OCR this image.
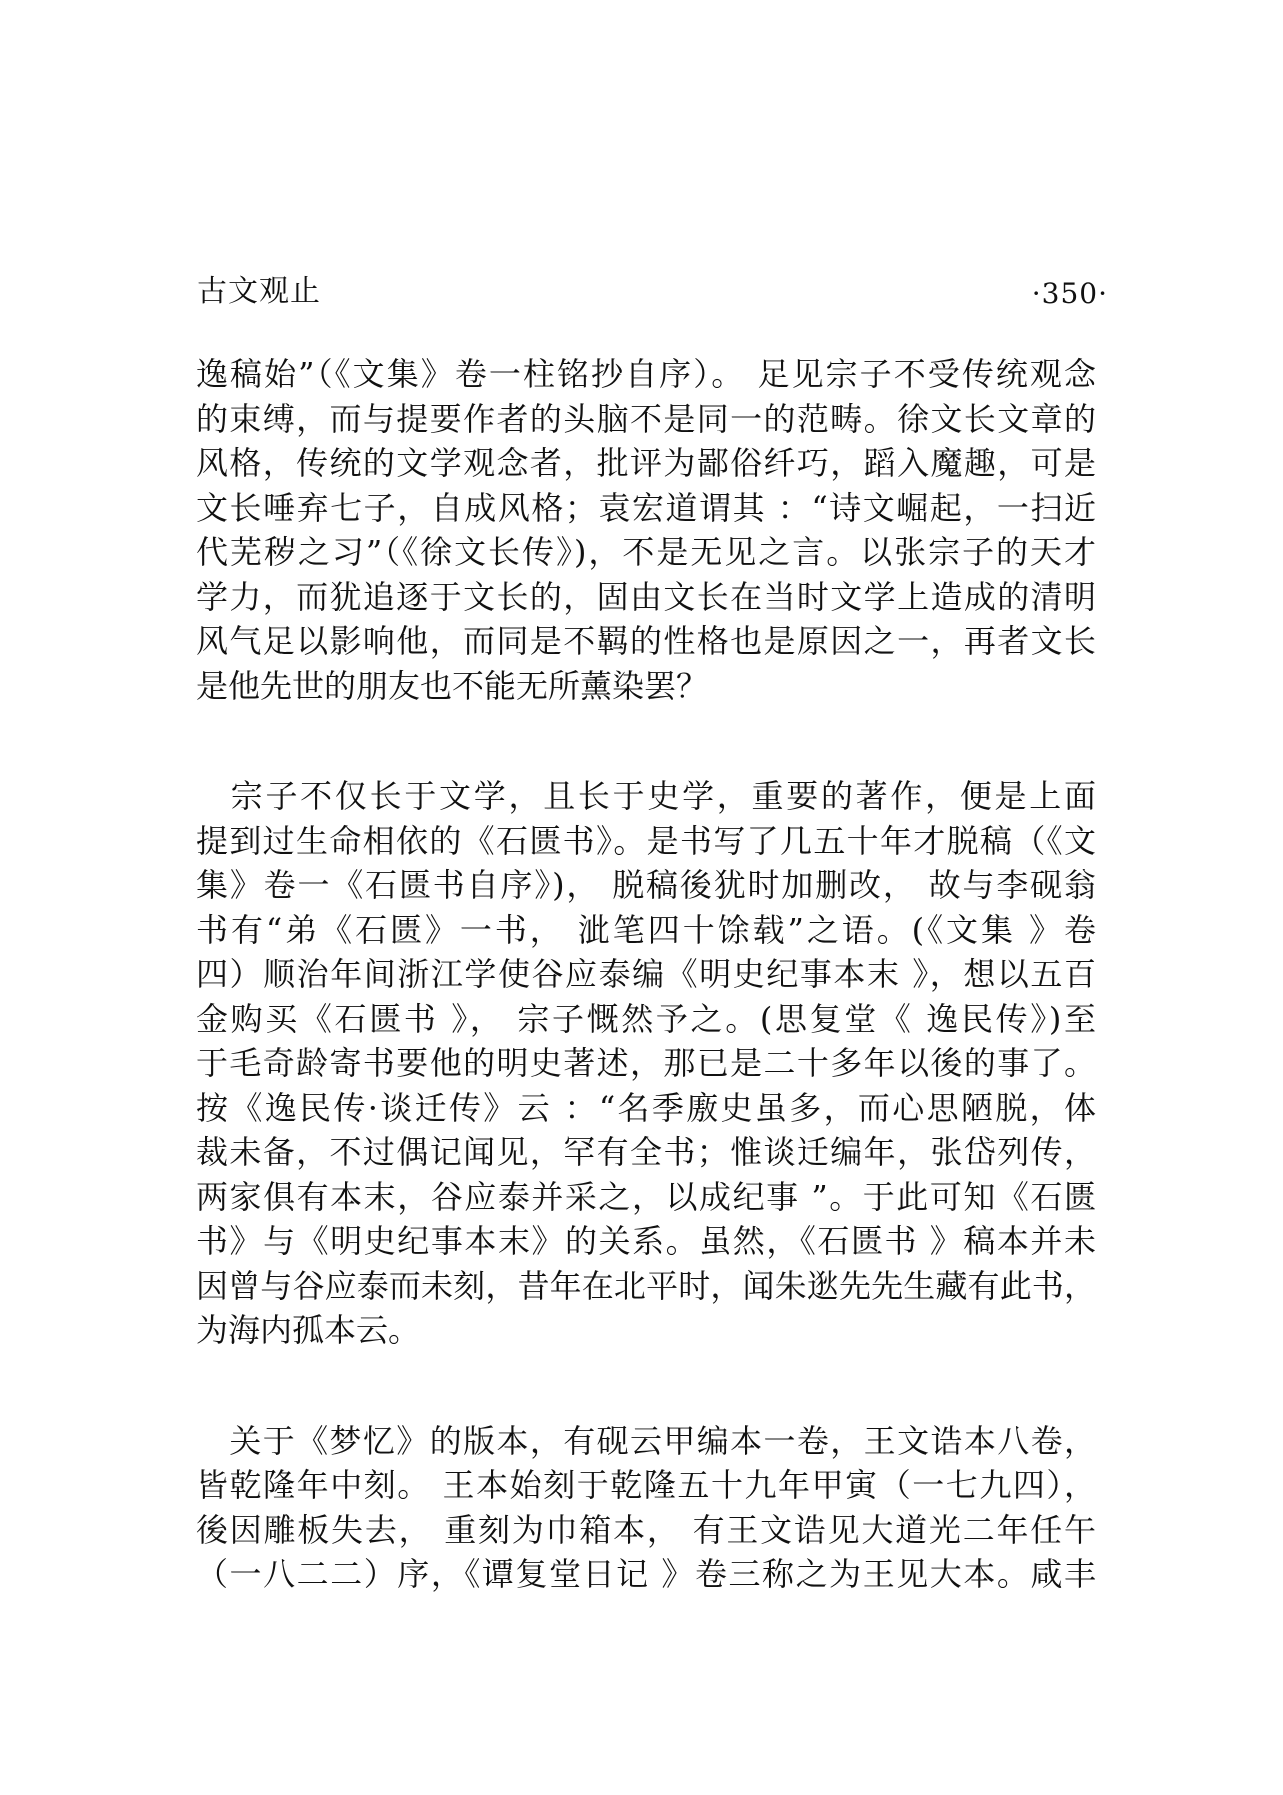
古文观止	·350·

逸稿始”（《文集》卷一柱铭抄自序）。 足见宗子不受传统观念
的束缚，而与提要作者的头脑不是同一的范畴。徐文长文章的
风格，传统的文学观念者，批评为鄙俗纤巧，蹈入魔趣，可是
文长唾弃七子，自成风格；袁宏道谓其 ：“诗文崛起，一扫近
代芜秽之习”（《徐文长传》)，不是无见之言。以张宗子的天才
学力，而犹追逐于文长的，固由文长在当时文学上造成的清明
风气足以影响他，而同是不羁的性格也是原因之一，再者文长
是他先世的朋友也不能无所薰染罢？

　宗子不仅长于文学，且长于史学，重要的著作，便是上面
提到过生命相依的《石匮书》。是书写了几五十年才脱稿（《文
集》卷一《石匮书自序》)， 脱稿後犹时加删改， 故与李砚翁
书有“弟《石匮》一书， 泚笔四十馀载”之语。(《文集 》卷
四）顺治年间浙江学使谷应泰编《明史纪事本末 》，想以五百
金购买《石匮书 》， 宗子慨然予之。(思复堂《 逸民传》)至
于毛奇龄寄书要他的明史著述，那已是二十多年以後的事了。
按《逸民传·谈迁传》云 ：“名季廒史虽多，而心思陋脱，体
裁未备，不过偶记闻见，罕有全书；惟谈迁编年，张岱列传，
两家俱有本末，谷应泰并采之，以成纪事 ”。于此可知《石匮
书》与《明史纪事本末》的关系。虽然，《石匮书 》稿本并未
因曾与谷应泰而未刻，昔年在北平时，闻朱逖先先生藏有此书，
为海内孤本云。

　关于《梦忆》的版本，有砚云甲编本一卷，王文诰本八卷，
皆乾隆年中刻。 王本始刻于乾隆五十九年甲寅（一七九四），
後因雕板失去， 重刻为巾箱本， 有王文诰见大道光二年任午
（一八二二）序，《谭复堂日记 》卷三称之为王见大本。咸丰
